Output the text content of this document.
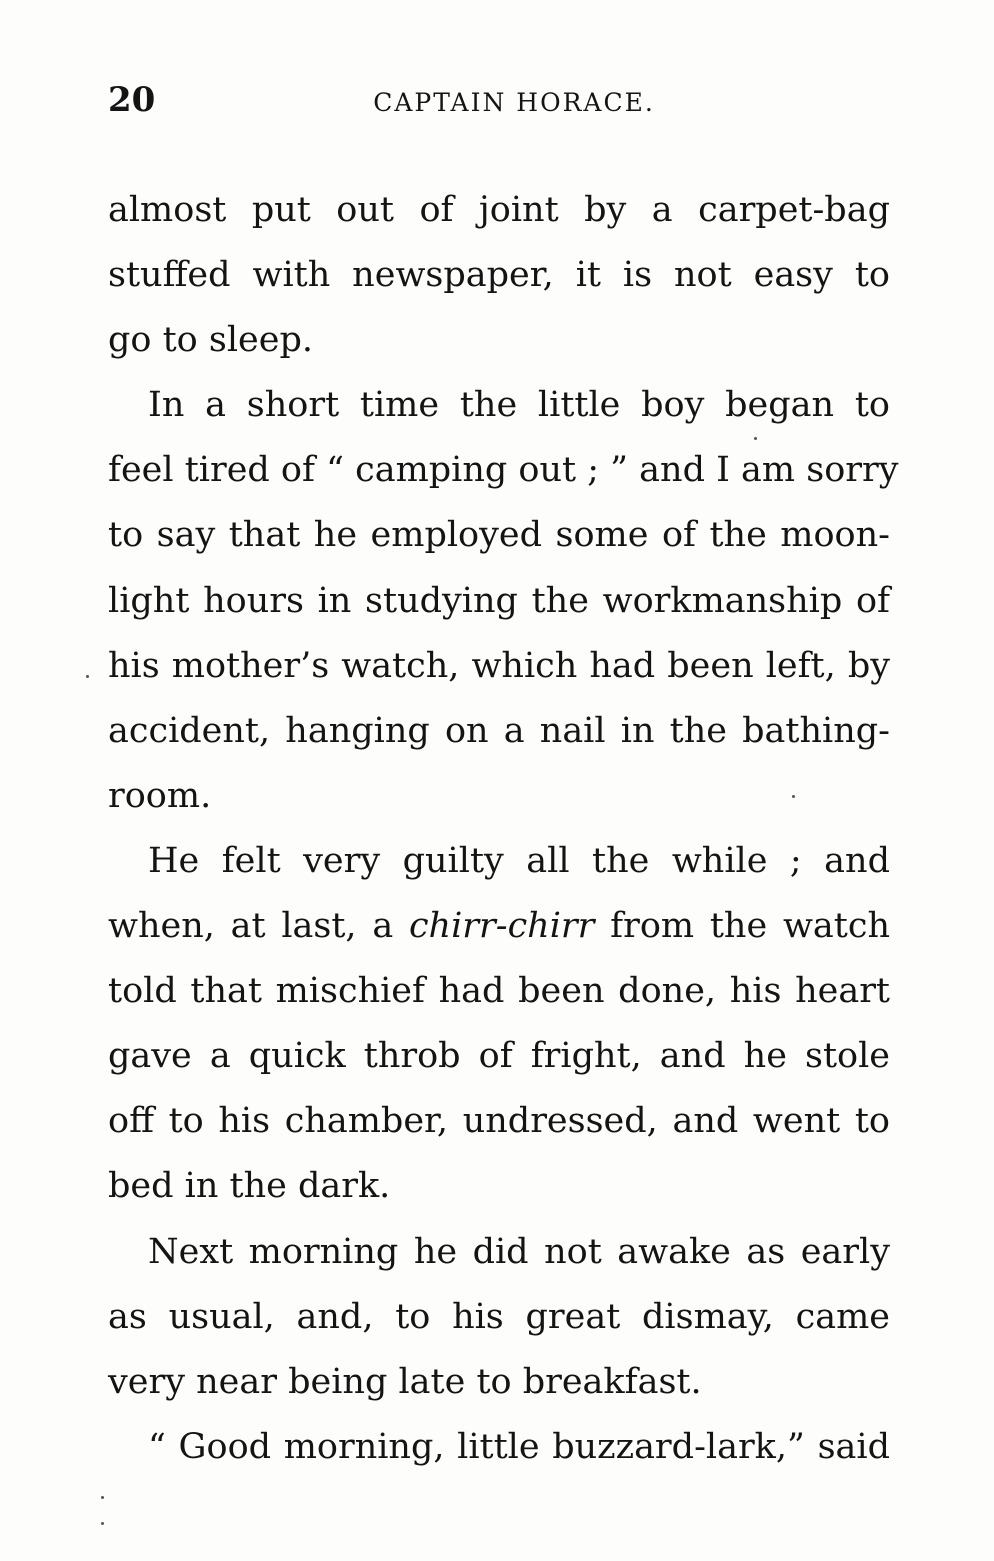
20	CAPTAIN HORACE.
almost put out of joint by a carpet-bag
stuffed with newspaper, it is not easy to
go to sleep.
In a short time the little boy began to
feel tired of “ camping out ; ” and I am sorry
to say that he employed some of the moon-
light hours in studying the workmanship of
his mother’s watch, which had been left, by
accident, hanging on a nail in the bathing-
room.
He felt very guilty all the while ; and
when, at last, a chirr-chirr from the watch
told that mischief had been done, his heart
gave a quick throb of fright, and he stole
off to his chamber, undressed, and went to
bed in the dark.
Next morning he did not awake as early
as usual, and, to his great dismay, came
very near being late to breakfast.
“ Good morning, little buzzard-lark,” said
